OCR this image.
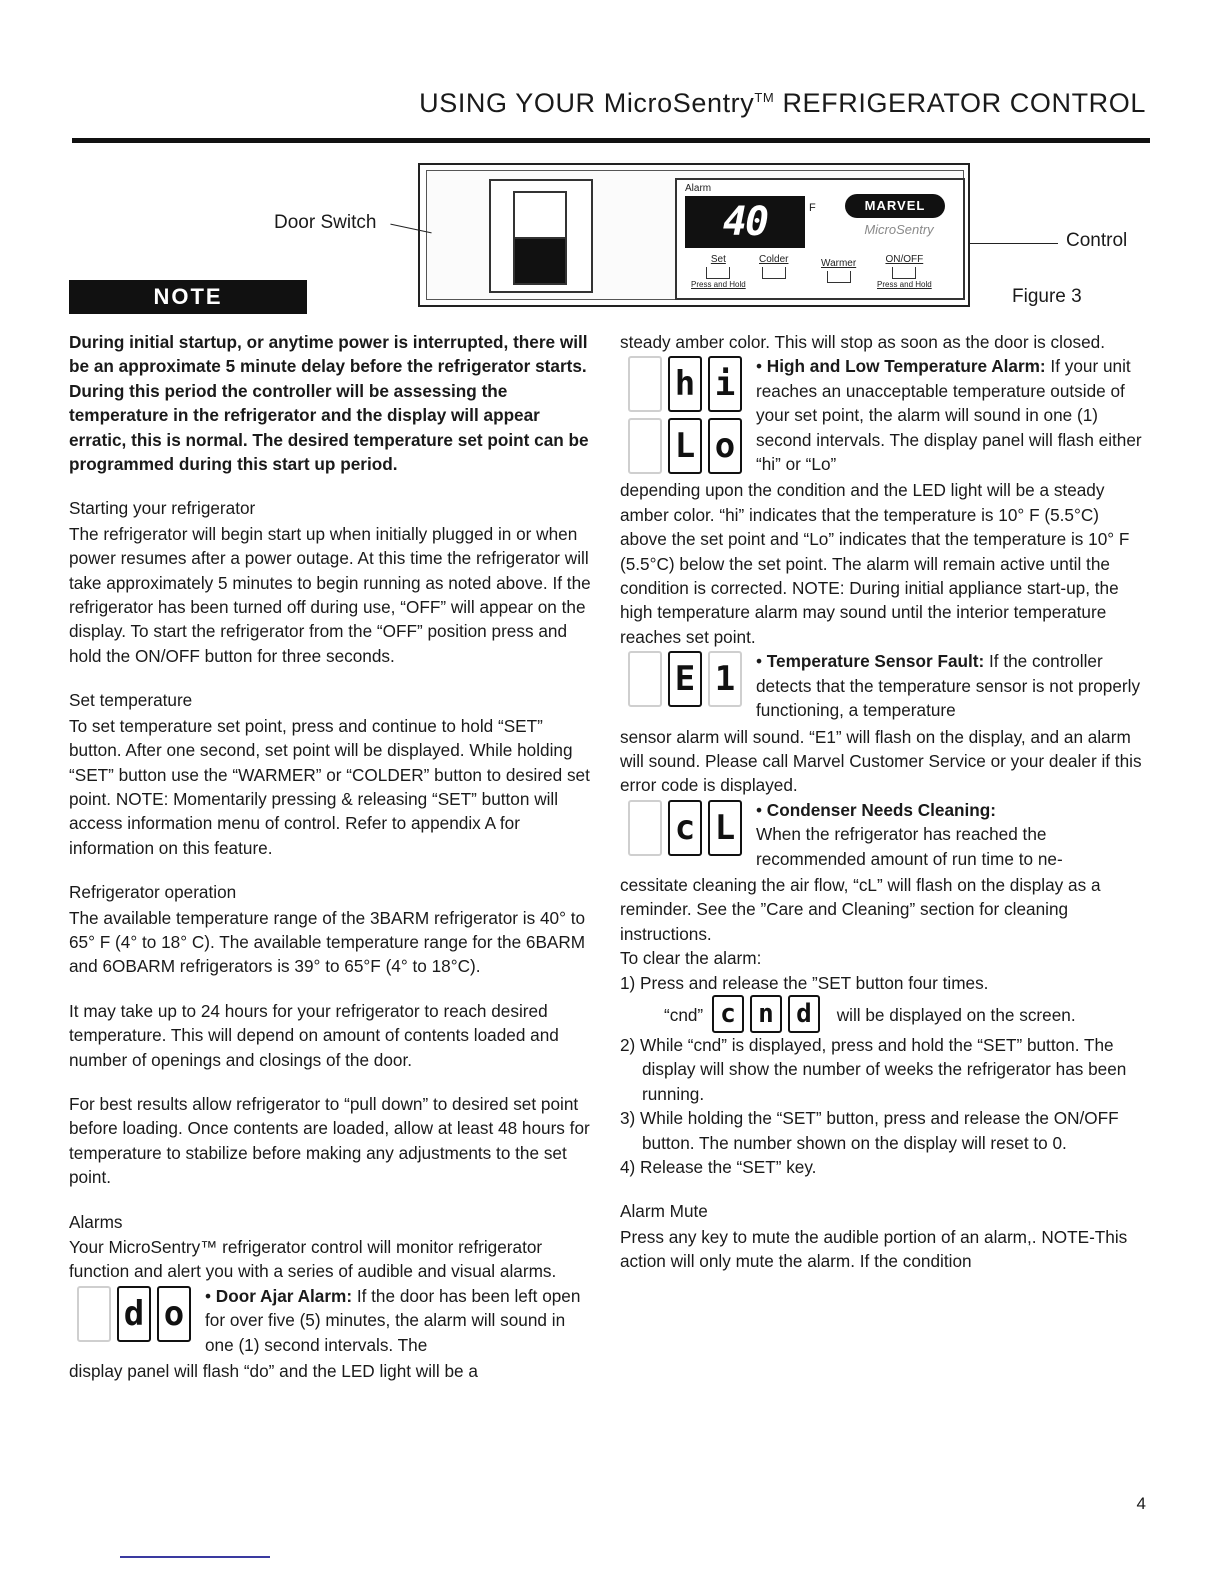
USING YOUR MicroSentry™ REFRIGERATOR CONTROL
Alarm
40	F	MARVEL
MicroSentry
Set
Press and Hold
Colder	Warmer	ON/OFF
Press and Hold
Door Switch
Control
Figure 3
NOTE

During initial startup, or anytime power is interrupted, there will be an approximate 5 minute delay before the refrigerator starts. During this period the controller will be assessing the temperature in the refrigerator and the display will appear erratic, this is normal. The desired temperature set point can be programmed during this start up period.

Starting your refrigerator

The refrigerator will begin start up when initially plugged in or when power resumes after a power outage. At this time the refrigerator will take approximately 5 minutes to begin running as noted above. If the refrigerator has been turned off during use, “OFF” will appear on the display. To start the refrigerator from the “OFF” position press and hold the ON/OFF button for three seconds.

Set temperature

To set temperature set point, press and continue to hold “SET” button. After one second, set point will be displayed. While holding “SET” button use the “WARMER” or “COLDER” button to desired set point. NOTE: Momentarily pressing & releasing “SET” button will access information menu of control. Refer to appendix A for information on this feature.

Refrigerator operation

The available temperature range of the 3BARM refrigerator is 40° to 65° F (4° to 18° C). The available temperature range for the 6BARM and 6OBARM refrigerators is 39° to 65°F (4° to 18°C).

It may take up to 24 hours for your refrigerator to reach desired temperature. This will depend on amount of contents loaded and number of openings and closings of the door.

For best results allow refrigerator to “pull down” to desired set point before loading. Once contents are loaded, allow at least 48 hours for temperature to stabilize before making any adjustments to the set point.

Alarms

Your MicroSentry™ refrigerator control will monitor refrigerator function and alert you with a series of audible and visual alarms.

d o	• Door Ajar Alarm: If the door has been left open for over five (5) minutes, the alarm will sound in one (1) second intervals. The

display panel will flash “do” and the LED light will be a

steady amber color. This will stop as soon as the door is closed.

h i
L o
• High and Low Temperature Alarm: If your unit reaches an unacceptable temperature outside of your set point, the alarm will sound in one (1) second intervals. The display panel will flash either “hi” or “Lo”

depending upon the condition and the LED light will be a steady amber color. “hi” indicates that the temperature is 10° F (5.5°C) above the set point and “Lo” indicates that the temperature is 10° F (5.5°C) below the set point. The alarm will remain active until the condition is corrected. NOTE: During initial appliance start-up, the high temperature alarm may sound until the interior temperature reaches set point.

E 1	• Temperature Sensor Fault: If the controller detects that the temperature sensor is not properly functioning, a temperature

sensor alarm will sound. “E1” will flash on the display, and an alarm will sound. Please call Marvel Customer Service or your dealer if this error code is displayed.

c L	• Condenser Needs Cleaning:
When the refrigerator has reached the recommended amount of run time to ne-

cessitate cleaning the air flow, “cL” will flash on the display as a reminder. See the ”Care and Cleaning” section for cleaning instructions.

To clear the alarm:

1) Press and release the ”SET button four times.

“cnd” c n d	will be displayed on the screen.

2) While “cnd” is displayed, press and hold the “SET” button. The display will show the number of weeks the refrigerator has been running.

3) While holding the “SET” button, press and release the ON/OFF button. The number shown on the display will reset to 0.

4) Release the “SET” key.

Alarm Mute

Press any key to mute the audible portion of an alarm,. NOTE-This action will only mute the alarm. If the condition

4
